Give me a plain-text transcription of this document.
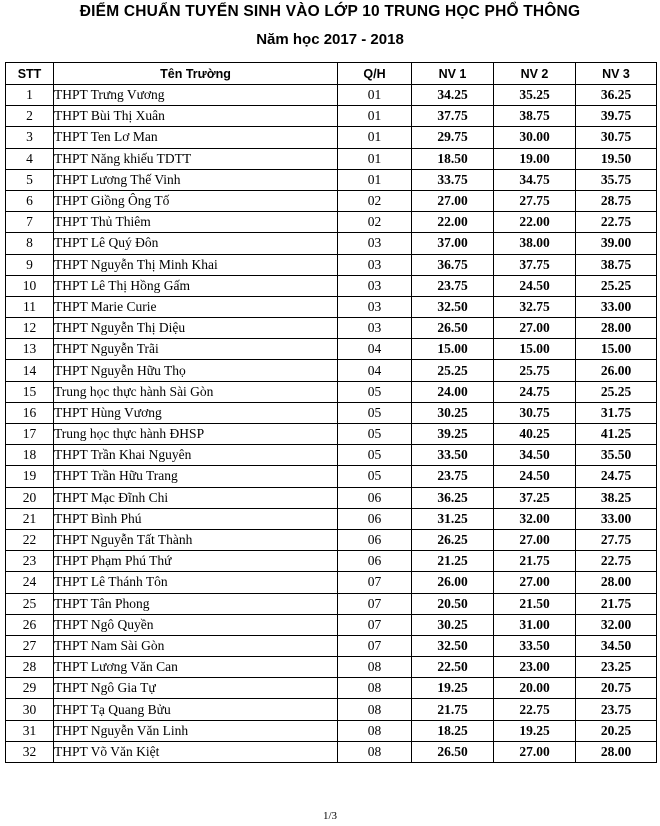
ĐIỂM CHUẨN TUYỂN SINH VÀO LỚP 10 TRUNG HỌC PHỔ THÔNG
Năm học 2017 - 2018
STT	Tên Trường	Q/H	NV 1	NV 2	NV 3
1	THPT Trưng Vương	01	34.25	35.25	36.25
2	THPT Bùi Thị Xuân	01	37.75	38.75	39.75
3	THPT Ten Lơ Man	01	29.75	30.00	30.75
4	THPT Năng khiếu TDTT	01	18.50	19.00	19.50
5	THPT Lương Thế Vinh	01	33.75	34.75	35.75
6	THPT Giồng Ông Tố	02	27.00	27.75	28.75
7	THPT Thủ Thiêm	02	22.00	22.00	22.75
8	THPT Lê Quý Đôn	03	37.00	38.00	39.00
9	THPT Nguyễn Thị Minh Khai	03	36.75	37.75	38.75
10	THPT Lê Thị Hồng Gấm	03	23.75	24.50	25.25
11	THPT Marie Curie	03	32.50	32.75	33.00
12	THPT Nguyễn Thị Diệu	03	26.50	27.00	28.00
13	THPT Nguyễn Trãi	04	15.00	15.00	15.00
14	THPT Nguyễn Hữu Thọ	04	25.25	25.75	26.00
15	Trung học thực hành Sài Gòn	05	24.00	24.75	25.25
16	THPT Hùng Vương	05	30.25	30.75	31.75
17	Trung học thực hành ĐHSP	05	39.25	40.25	41.25
18	THPT Trần Khai Nguyên	05	33.50	34.50	35.50
19	THPT Trần Hữu Trang	05	23.75	24.50	24.75
20	THPT Mạc Đĩnh Chi	06	36.25	37.25	38.25
21	THPT Bình Phú	06	31.25	32.00	33.00
22	THPT Nguyễn Tất Thành	06	26.25	27.00	27.75
23	THPT Phạm Phú Thứ	06	21.25	21.75	22.75
24	THPT Lê Thánh Tôn	07	26.00	27.00	28.00
25	THPT Tân Phong	07	20.50	21.50	21.75
26	THPT Ngô Quyền	07	30.25	31.00	32.00
27	THPT Nam Sài Gòn	07	32.50	33.50	34.50
28	THPT Lương Văn Can	08	22.50	23.00	23.25
29	THPT Ngô Gia Tự	08	19.25	20.00	20.75
30	THPT Tạ Quang Bửu	08	21.75	22.75	23.75
31	THPT Nguyễn Văn Linh	08	18.25	19.25	20.25
32	THPT Võ Văn Kiệt	08	26.50	27.00	28.00
1/3
